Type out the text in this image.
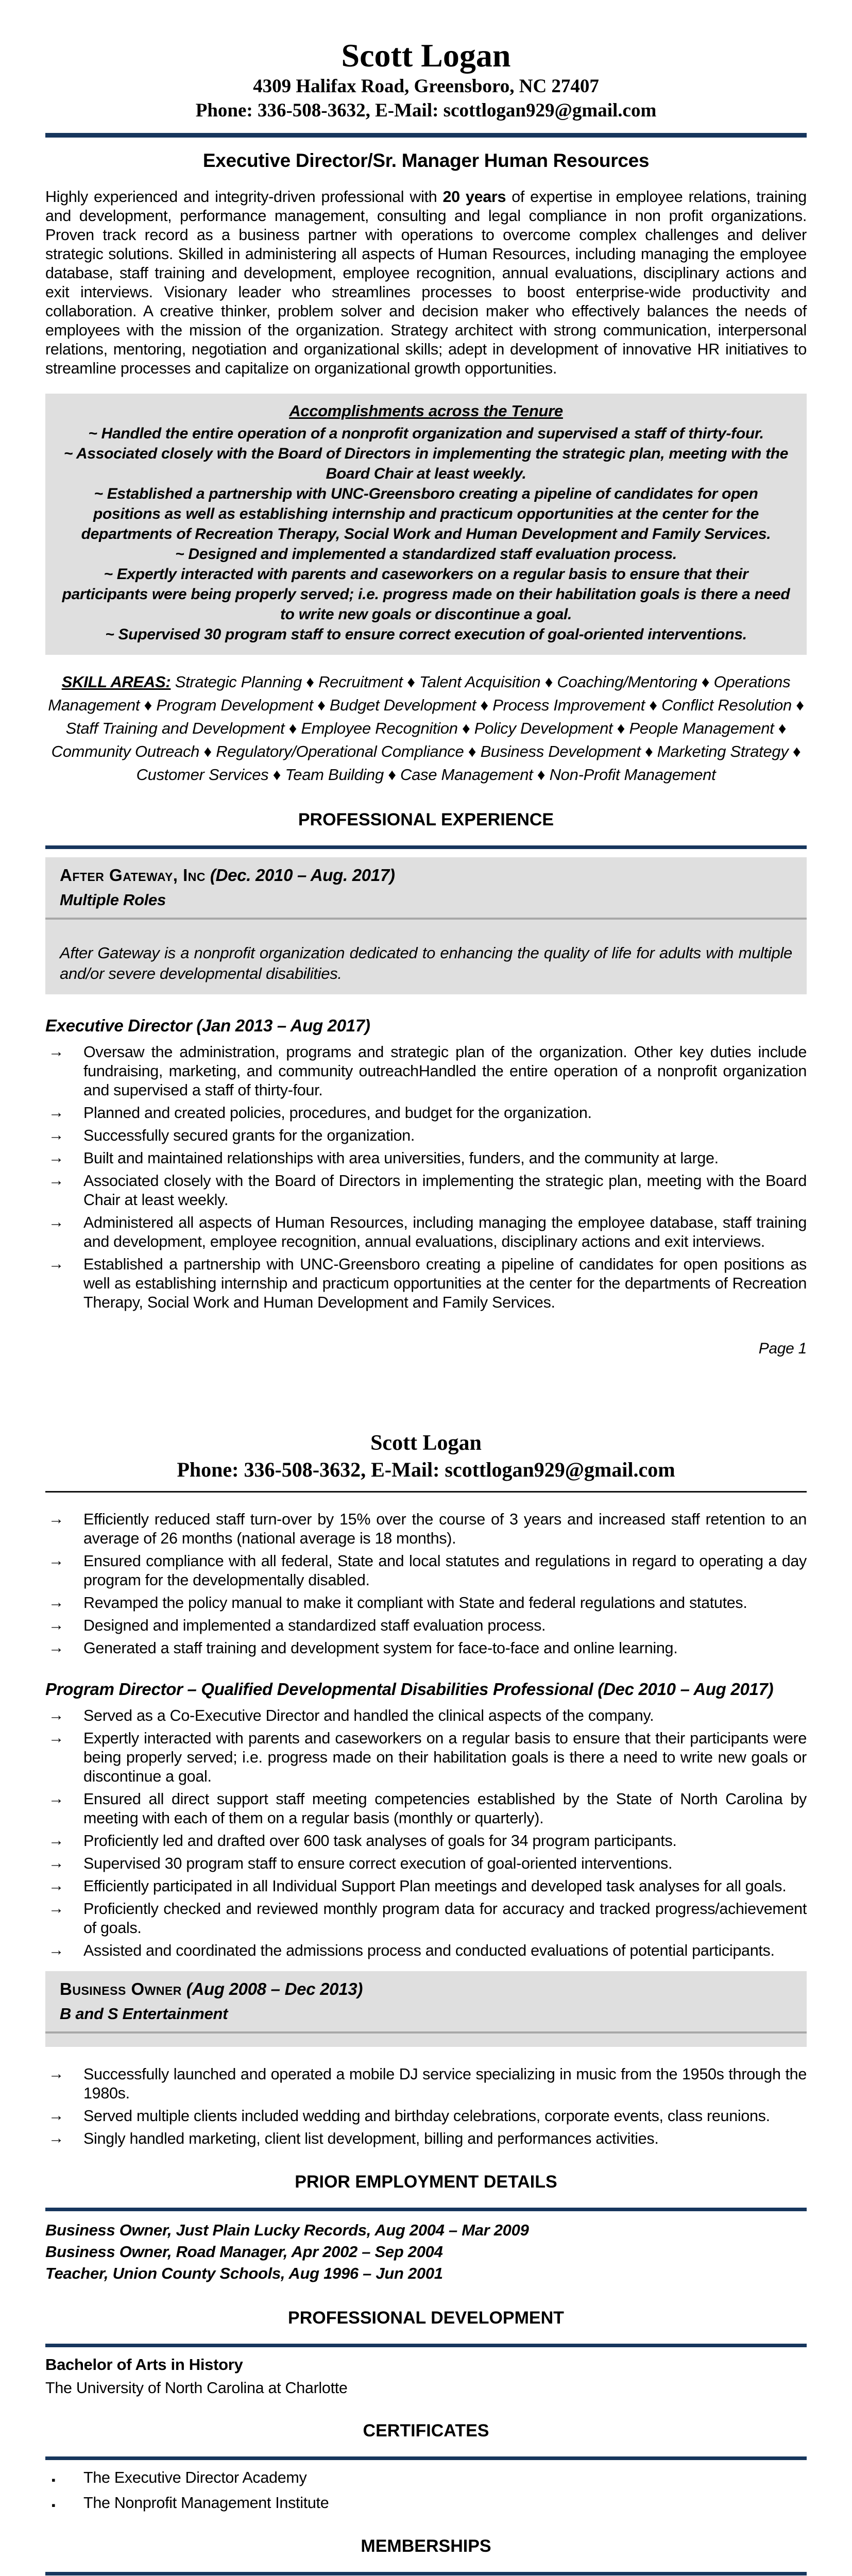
Scott Logan
4309 Halifax Road, Greensboro, NC 27407
Phone: 336-508-3632, E-Mail: scottlogan929@gmail.com
Executive Director/Sr. Manager Human Resources

Highly experienced and integrity-driven professional with 20 years of expertise in employee relations, training and development, performance management, consulting and legal compliance in non profit organizations. Proven track record as a business partner with operations to overcome complex challenges and deliver strategic solutions. Skilled in administering all aspects of Human Resources, including managing the employee database, staff training and development, employee recognition, annual evaluations, disciplinary actions and exit interviews. Visionary leader who streamlines processes to boost enterprise-wide productivity and collaboration. A creative thinker, problem solver and decision maker who effectively balances the needs of employees with the mission of the organization. Strategy architect with strong communication, interpersonal relations, mentoring, negotiation and organizational skills; adept in development of innovative HR initiatives to streamline processes and capitalize on organizational growth opportunities.

Accomplishments across the Tenure
~ Handled the entire operation of a nonprofit organization and supervised a staff of thirty-four.
~ Associated closely with the Board of Directors in implementing the strategic plan, meeting with the Board Chair at least weekly.
~ Established a partnership with UNC-Greensboro creating a pipeline of candidates for open positions as well as establishing internship and practicum opportunities at the center for the departments of Recreation Therapy, Social Work and Human Development and Family Services.
~ Designed and implemented a standardized staff evaluation process.
~ Expertly interacted with parents and caseworkers on a regular basis to ensure that their participants were being properly served; i.e. progress made on their habilitation goals is there a need to write new goals or discontinue a goal.
~ Supervised 30 program staff to ensure correct execution of goal-oriented interventions.

SKILL AREAS: Strategic Planning ♦ Recruitment ♦ Talent Acquisition ♦ Coaching/Mentoring ♦ Operations Management ♦ Program Development ♦ Budget Development ♦ Process Improvement ♦ Conflict Resolution ♦ Staff Training and Development ♦ Employee Recognition ♦ Policy Development ♦ People Management ♦ Community Outreach ♦ Regulatory/Operational Compliance ♦ Business Development ♦ Marketing Strategy ♦ Customer Services ♦ Team Building ♦ Case Management ♦ Non-Profit Management

PROFESSIONAL EXPERIENCE
After Gateway, Inc (Dec. 2010 – Aug. 2017)
Multiple Roles

After Gateway is a nonprofit organization dedicated to enhancing the quality of life for adults with multiple and/or severe developmental disabilities.

Executive Director (Jan 2013 – Aug 2017)
→ Oversaw the administration, programs and strategic plan of the organization. Other key duties include fundraising, marketing, and community outreachHandled the entire operation of a nonprofit organization and supervised a staff of thirty-four.
→ Planned and created policies, procedures, and budget for the organization.
→ Successfully secured grants for the organization.
→ Built and maintained relationships with area universities, funders, and the community at large.
→ Associated closely with the Board of Directors in implementing the strategic plan, meeting with the Board Chair at least weekly.
→ Administered all aspects of Human Resources, including managing the employee database, staff training and development, employee recognition, annual evaluations, disciplinary actions and exit interviews.
→ Established a partnership with UNC-Greensboro creating a pipeline of candidates for open positions as well as establishing internship and practicum opportunities at the center for the departments of Recreation Therapy, Social Work and Human Development and Family Services.
Page 1
Scott Logan
Phone: 336-508-3632, E-Mail: scottlogan929@gmail.com
→ Efficiently reduced staff turn-over by 15% over the course of 3 years and increased staff retention to an average of 26 months (national average is 18 months).
→ Ensured compliance with all federal, State and local statutes and regulations in regard to operating a day program for the developmentally disabled.
→ Revamped the policy manual to make it compliant with State and federal regulations and statutes.
→ Designed and implemented a standardized staff evaluation process.
→ Generated a staff training and development system for face-to-face and online learning.
Program Director – Qualified Developmental Disabilities Professional (Dec 2010 – Aug 2017)
→ Served as a Co-Executive Director and handled the clinical aspects of the company.
→ Expertly interacted with parents and caseworkers on a regular basis to ensure that their participants were being properly served; i.e. progress made on their habilitation goals is there a need to write new goals or discontinue a goal.
→ Ensured all direct support staff meeting competencies established by the State of North Carolina by meeting with each of them on a regular basis (monthly or quarterly).
→ Proficiently led and drafted over 600 task analyses of goals for 34 program participants.
→ Supervised 30 program staff to ensure correct execution of goal-oriented interventions.
→ Efficiently participated in all Individual Support Plan meetings and developed task analyses for all goals.
→ Proficiently checked and reviewed monthly program data for accuracy and tracked progress/achievement of goals.
→ Assisted and coordinated the admissions process and conducted evaluations of potential participants.
Business Owner (Aug 2008 – Dec 2013)
B and S Entertainment
→ Successfully launched and operated a mobile DJ service specializing in music from the 1950s through the 1980s.
→ Served multiple clients included wedding and birthday celebrations, corporate events, class reunions.
→ Singly handled marketing, client list development, billing and performances activities.
PRIOR EMPLOYMENT DETAILS
Business Owner, Just Plain Lucky Records, Aug 2004 – Mar 2009
Business Owner, Road Manager, Apr 2002 – Sep 2004
Teacher, Union County Schools, Aug 1996 – Jun 2001
PROFESSIONAL DEVELOPMENT
Bachelor of Arts in History
The University of North Carolina at Charlotte
CERTIFICATES
▪ The Executive Director Academy
▪ The Nonprofit Management Institute
MEMBERSHIPS
